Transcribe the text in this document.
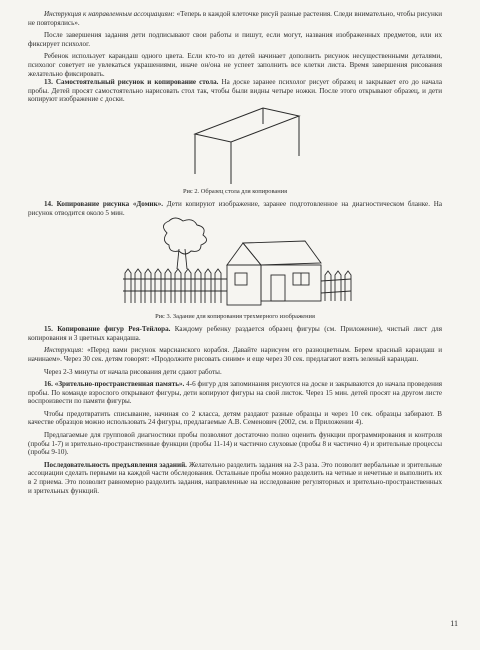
Инструкция к направленным ассоциациям: «Теперь в каждой клеточке рисуй разные растения. Следи внимательно, чтобы рисунки не повторялись».

После завершения задания дети подписывают свои работы и пишут, если могут, названия изображенных предметов, или их фиксирует психолог.

Ребенок использует карандаш одного цвета. Если кто-то из детей начинает дополнить рисунок несущественными деталями, психолог советует не увлекаться украшениями, иначе он/она не успеет заполнить все клетки листа. Время завершения рисования желательно фиксировать.

13. Самостоятельный рисунок и копирование стола. На доске заранее психолог рисует образец и закрывает его до начала пробы. Детей просят самостоятельно нарисовать стол так, чтобы были видны четыре ножки. После этого открывают образец, и дети копируют изображение с доски.

Рис 2. Образец стола для копирования

14. Копирование рисунка «Домик». Дети копируют изображение, заранее подготовленное на диагностическом бланке. На рисунок отводится около 5 мин.

Рис 3. Задание для копирования трехмерного изображения

15. Копирование фигур Рея-Тейлора. Каждому ребенку раздается образец фигуры (см. Приложение), чистый лист для копирования и 3 цветных карандаша.

Инструкция: «Перед вами рисунок марсианского корабля. Давайте нарисуем его разноцветным. Берем красный карандаш и начинаем». Через 30 сек. детям говорят: «Продолжите рисовать синим» и еще через 30 сек. предлагают взять зеленый карандаш.

Через 2-3 минуты от начала рисования дети сдают работы.

16. «Зрительно-пространственная память». 4-6 фигур для запоминания рисуются на доске и закрываются до начала проведения пробы. По команде взрослого открывают фигуры, дети копируют фигуры на свой листок. Через 15 мин. детей просят на другом листе воспроизвести по памяти фигуры.

Чтобы предотвратить списывание, начиная со 2 класса, детям раздают разные образцы и через 10 сек. образцы забирают. В качестве образцов можно использовать 24 фигуры, предлагаемые А.В. Семенович (2002, см. в Приложении 4).

Предлагаемые для групповой диагностики пробы позволяют достаточно полно оценить функции программирования и контроля (пробы 1-7) и зрительно-пространственные функции (пробы 11-14) и частично слуховые (пробы 8 и частично 4) и зрительные процессы (пробы 9-10).

Последовательность предъявления заданий. Желательно разделить задания на 2-3 раза. Это позволит вербальные и зрительные ассоциации сделать первыми на каждой части обследования. Остальные пробы можно разделить на четные и нечетные и выполнить их в 2 приема. Это позволит равномерно разделить задания, направленные на исследование регуляторных и зрительно-пространственных и зрительных функций.

11
